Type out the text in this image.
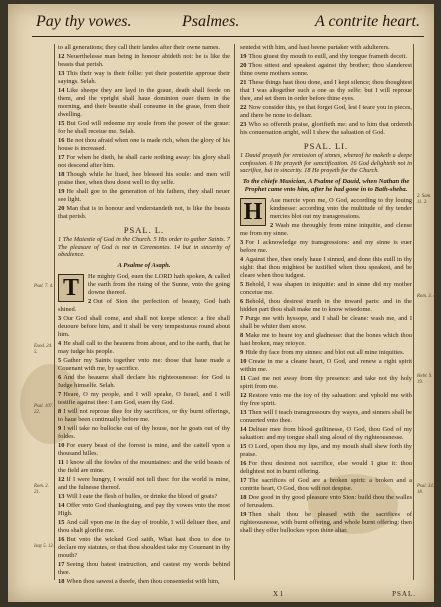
Pay thy vowes.	Psalmes.	A contrite heart.
Psal. 7. 4.
Exod. 24. 5.
Psal. 107. 22.
Rom. 2. 21.
Isay 5. 12.
2. Sam. 11. 2.
Rom. 3. 4.
Hebr. 9. 19.
Psal. 34. 18.
to all generations; they call their landes after their owne names.
12 Neuerthelesse man being in honour abideth not: he is like the beasts that perish.
13 This their way is their follie: yet their posteritie approue their sayings. Selah.
14 Like sheepe they are layd in the graue, death shall feede on them, and the vpright shall haue dominion ouer them in the morning, and their beautie shall consume in the graue, from their dwelling.
15 But God will redeeme my soule from the power of the graue: for he shall receiue me. Selah.
16 Be not thou afraid when one is made rich, when the glory of his house is increased.
17 For when he dieth, he shall carie nothing away: his glory shall not descend after him.
18 Though while he liued, hee blessed his soule: and men will praise thee, when thou doest well to thy selfe.
19 He shall goe to the generation of his fathers, they shall neuer see light.
20 Man that is in honour and vnderstandeth not, is like the beasts that perish.
PSAL. L.
1 The Maiestie of God in the Church. 5 His order to gather Saints. 7 The pleasure of God is not in Ceremonies. 14 but in sincerity of obedience.
A Psalme of Asaph.
T	He mighty God, euen the LORD hath spoken, & called the earth from the rising of the Sunne, vnto the going downe thereof.
2 Out of Sion the perfection of beauty, God hath shined.
3 Our God shall come, and shall not keepe silence: a fire shall deuoure before him, and it shall be very tempestuous round about him.
4 He shall call to the heauens from aboue, and to the earth, that he may iudge his people.
5 Gather my Saints together vnto me: those that haue made a Couenant with me, by sacrifice.
6 And the heauens shall declare his righteousnesse: for God is Iudge himselfe. Selah.
7 Heare, O my people, and I will speake, O Israel, and I will testifie against thee: I am God, euen thy God.
8 I will not reproue thee for thy sacrifices, or thy burnt offerings, to haue been continually before me.
9 I will take no bullocke out of thy house, nor he goats out of thy foldes.
10 For euery beast of the forrest is mine, and the cattell vpon a thousand hilles.
11 I know all the fowles of the mountaines: and the wild beasts of the field are mine.
12 If I were hungry, I would not tell thee: for the world is mine, and the fulnesse thereof.
13 Will I eate the flesh of bulles, or drinke the blood of goats?
14 Offer vnto God thanksgiuing, and pay thy vowes vnto the most High.
15 And call vpon me in the day of trouble, I will deliuer thee, and thou shalt glorifie me.
16 But vnto the wicked God saith, What hast thou to doe to declare my statutes, or that thou shouldest take my Couenant in thy mouth?
17 Seeing thou hatest instruction, and castest my words behind thee.
18 When thou sawest a theefe, then thou consentedst with him,
sentedst with him, and hast beene partaker with adulterers.
19 Thou giuest thy mouth to euill, and thy tongue frameth deceit.
20 Thou sittest and speakest against thy brother; thou slanderest thine owne mothers sonne.
21 These things hast thou done, and I kept silence; thou thoughtest that I was altogether such a one as thy selfe: but I will reproue thee, and set them in order before thine eyes.
22 Now consider this, ye that forget God, lest I teare you in pieces, and there be none to deliuer.
23 Who so offereth praise, glorifieth me: and to him that ordereth his conuersation aright, will I shew the saluation of God.
PSAL. LI.
1 Dauid prayeth for remission of sinnes, whereof he maketh a deepe confession. 6 He prayeth for sanctification. 16 God delighteth not in sacrifice, but in sincerity. 18 He prayeth for the Church.
To the chiefe Musician, A Psalme of Dauid, when Nathan the Prophet came vnto him, after he had gone in to Bath-sheba.
H	Aue mercie vpon me, O God, according to thy louing kindnesse: according vnto the multitude of thy tender mercies blot out my transgressions.
2 Wash me throughly from mine iniquitie, and clense me from my sinne.
3 For I acknowledge my transgressions: and my sinne is euer before me.
4 Against thee, thee onely haue I sinned, and done this euill in thy sight: that thou mightest be iustified when thou speakest, and be cleare when thou iudgest.
5 Behold, I was shapen in iniquitie: and in sinne did my mother conceiue me.
6 Behold, thou desirest trueth in the inward parts: and in the hidden part thou shalt make me to know wisedome.
7 Purge me with hyssope, and I shall be cleane: wash me, and I shall be whiter then snow.
8 Make me to heare ioy and gladnesse: that the bones which thou hast broken, may reioyce.
9 Hide thy face from my sinnes: and blot out all mine iniquities.
10 Create in me a cleane heart, O God, and renew a right spirit within me.
11 Cast me not away from thy presence: and take not thy holy spirit from me.
12 Restore vnto me the ioy of thy saluation: and vphold me with thy free spirit.
13 Then will I teach transgressours thy wayes, and sinners shall be conuerted vnto thee.
14 Deliuer mee from blood guiltinesse, O God, thou God of my saluation: and my tongue shall sing aloud of thy righteousnesse.
15 O Lord, open thou my lips, and my mouth shall shew forth thy praise.
16 For thou desirest not sacrifice, else would I giue it: thou delightest not in burnt offering.
17 The sacrifices of God are a broken spirit: a broken and a contrite heart, O God, thou wilt not despise.
18 Doe good in thy good pleasure vnto Sion: build thou the walles of Ierusalem.
19 Then shalt thou be pleased with the sacrifices of righteousnesse, with burnt offering, and whole burnt offering: then shall they offer bullockes vpon thine altar.
X 1	PSAL.
